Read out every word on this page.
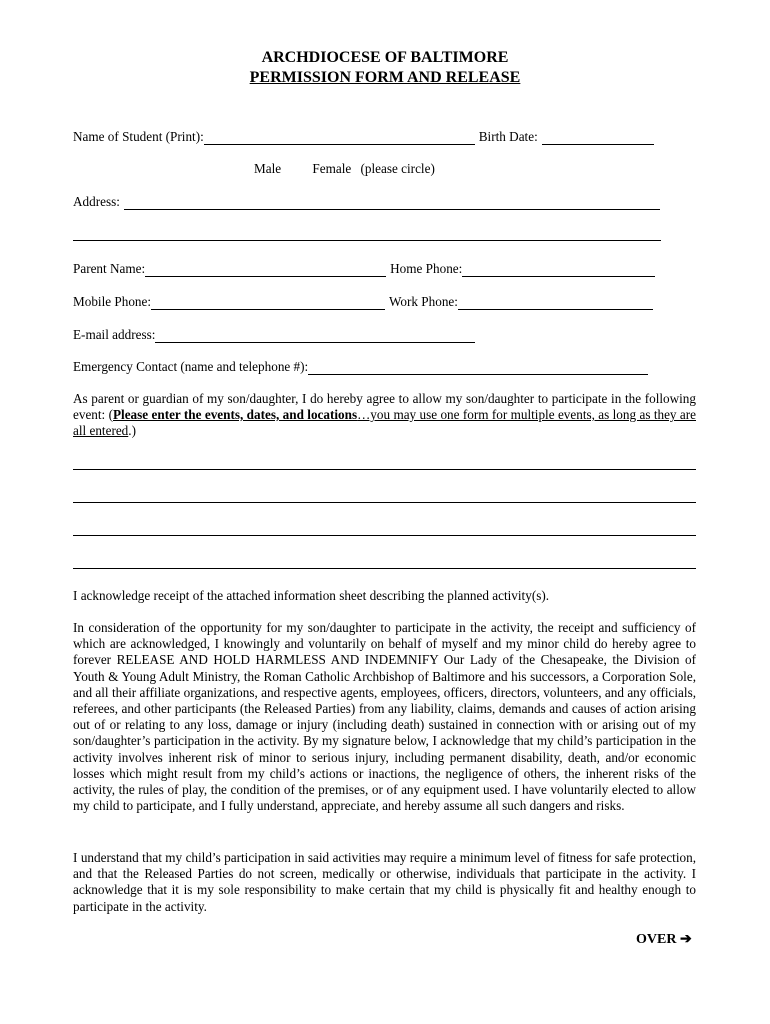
ARCHDIOCESE OF BALTIMORE
PERMISSION FORM AND RELEASE
Name of Student (Print):	Birth Date:
Male Female (please circle)
Address:
Parent Name:	Home Phone:
Mobile Phone:	Work Phone:
E-mail address:
Emergency Contact (name and telephone #):
As parent or guardian of my son/daughter, I do hereby agree to allow my son/daughter to participate in the following event: (Please enter the events, dates, and locations…you may use one form for multiple events, as long as they are all entered.)
I acknowledge receipt of the attached information sheet describing the planned activity(s).
In consideration of the opportunity for my son/daughter to participate in the activity, the receipt and sufficiency of which are acknowledged, I knowingly and voluntarily on behalf of myself and my minor child do hereby agree to forever RELEASE AND HOLD HARMLESS AND INDEMNIFY Our Lady of the Chesapeake, the Division of Youth & Young Adult Ministry, the Roman Catholic Archbishop of Baltimore and his successors, a Corporation Sole, and all their affiliate organizations, and respective agents, employees, officers, directors, volunteers, and any officials, referees, and other participants (the Released Parties) from any liability, claims, demands and causes of action arising out of or relating to any loss, damage or injury (including death) sustained in connection with or arising out of my son/daughter’s participation in the activity. By my signature below, I acknowledge that my child’s participation in the activity involves inherent risk of minor to serious injury, including permanent disability, death, and/or economic losses which might result from my child’s actions or inactions, the negligence of others, the inherent risks of the activity, the rules of play, the condition of the premises, or of any equipment used. I have voluntarily elected to allow my child to participate, and I fully understand, appreciate, and hereby assume all such dangers and risks.
I understand that my child’s participation in said activities may require a minimum level of fitness for safe protection, and that the Released Parties do not screen, medically or otherwise, individuals that participate in the activity. I acknowledge that it is my sole responsibility to make certain that my child is physically fit and healthy enough to participate in the activity.
OVER ➔
